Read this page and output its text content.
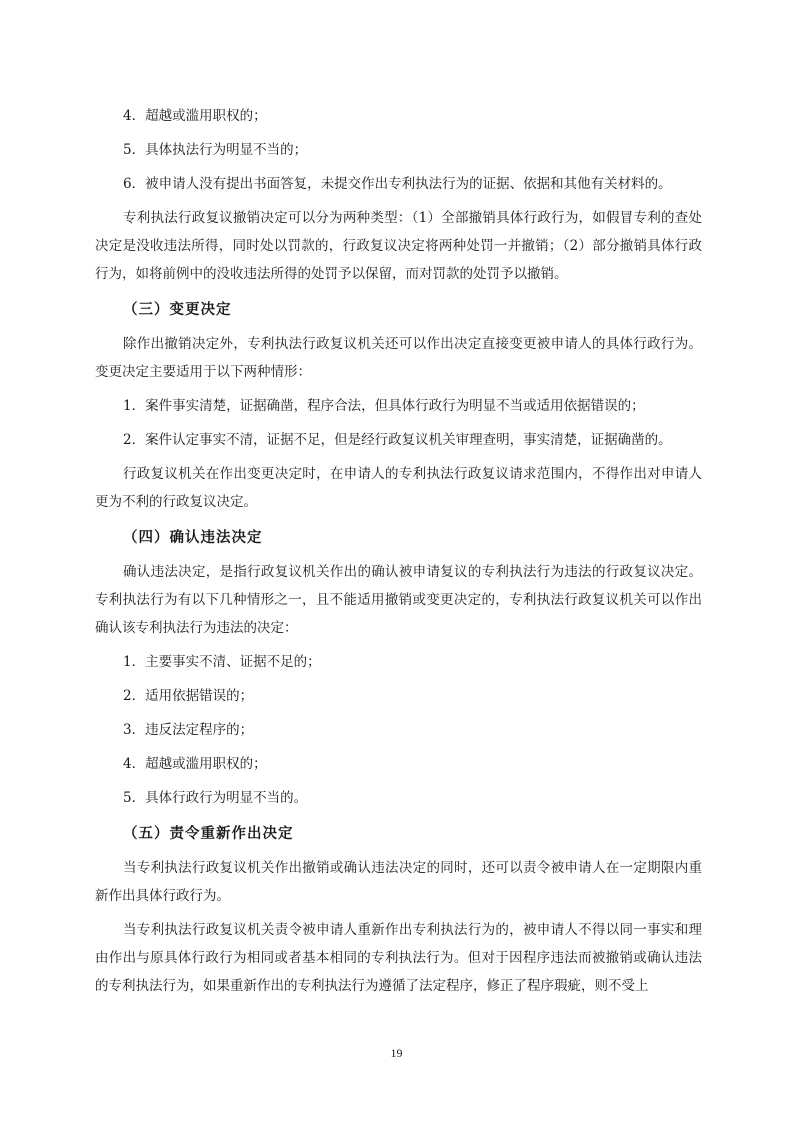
4．超越或滥用职权的；

5．具体执法行为明显不当的；

6．被申请人没有提出书面答复，未提交作出专利执法行为的证据、依据和其他有关材料的。

专利执法行政复议撤销决定可以分为两种类型：（1）全部撤销具体行政行为，如假冒专利的查处决定是没收违法所得，同时处以罚款的，行政复议决定将两种处罚一并撤销；（2）部分撤销具体行政行为，如将前例中的没收违法所得的处罚予以保留，而对罚款的处罚予以撤销。

（三）变更决定

除作出撤销决定外，专利执法行政复议机关还可以作出决定直接变更被申请人的具体行政行为。变更决定主要适用于以下两种情形：

1．案件事实清楚，证据确凿，程序合法，但具体行政行为明显不当或适用依据错误的；

2．案件认定事实不清，证据不足，但是经行政复议机关审理查明，事实清楚，证据确凿的。

行政复议机关在作出变更决定时，在申请人的专利执法行政复议请求范围内，不得作出对申请人更为不利的行政复议决定。

（四）确认违法决定

确认违法决定，是指行政复议机关作出的确认被申请复议的专利执法行为违法的行政复议决定。专利执法行为有以下几种情形之一，且不能适用撤销或变更决定的，专利执法行政复议机关可以作出确认该专利执法行为违法的决定：

1．主要事实不清、证据不足的；

2．适用依据错误的；

3．违反法定程序的；

4．超越或滥用职权的；

5．具体行政行为明显不当的。

（五）责令重新作出决定

当专利执法行政复议机关作出撤销或确认违法决定的同时，还可以责令被申请人在一定期限内重新作出具体行政行为。

当专利执法行政复议机关责令被申请人重新作出专利执法行为的，被申请人不得以同一事实和理由作出与原具体行政行为相同或者基本相同的专利执法行为。但对于因程序违法而被撤销或确认违法的专利执法行为，如果重新作出的专利执法行为遵循了法定程序，修正了程序瑕疵，则不受上

19
